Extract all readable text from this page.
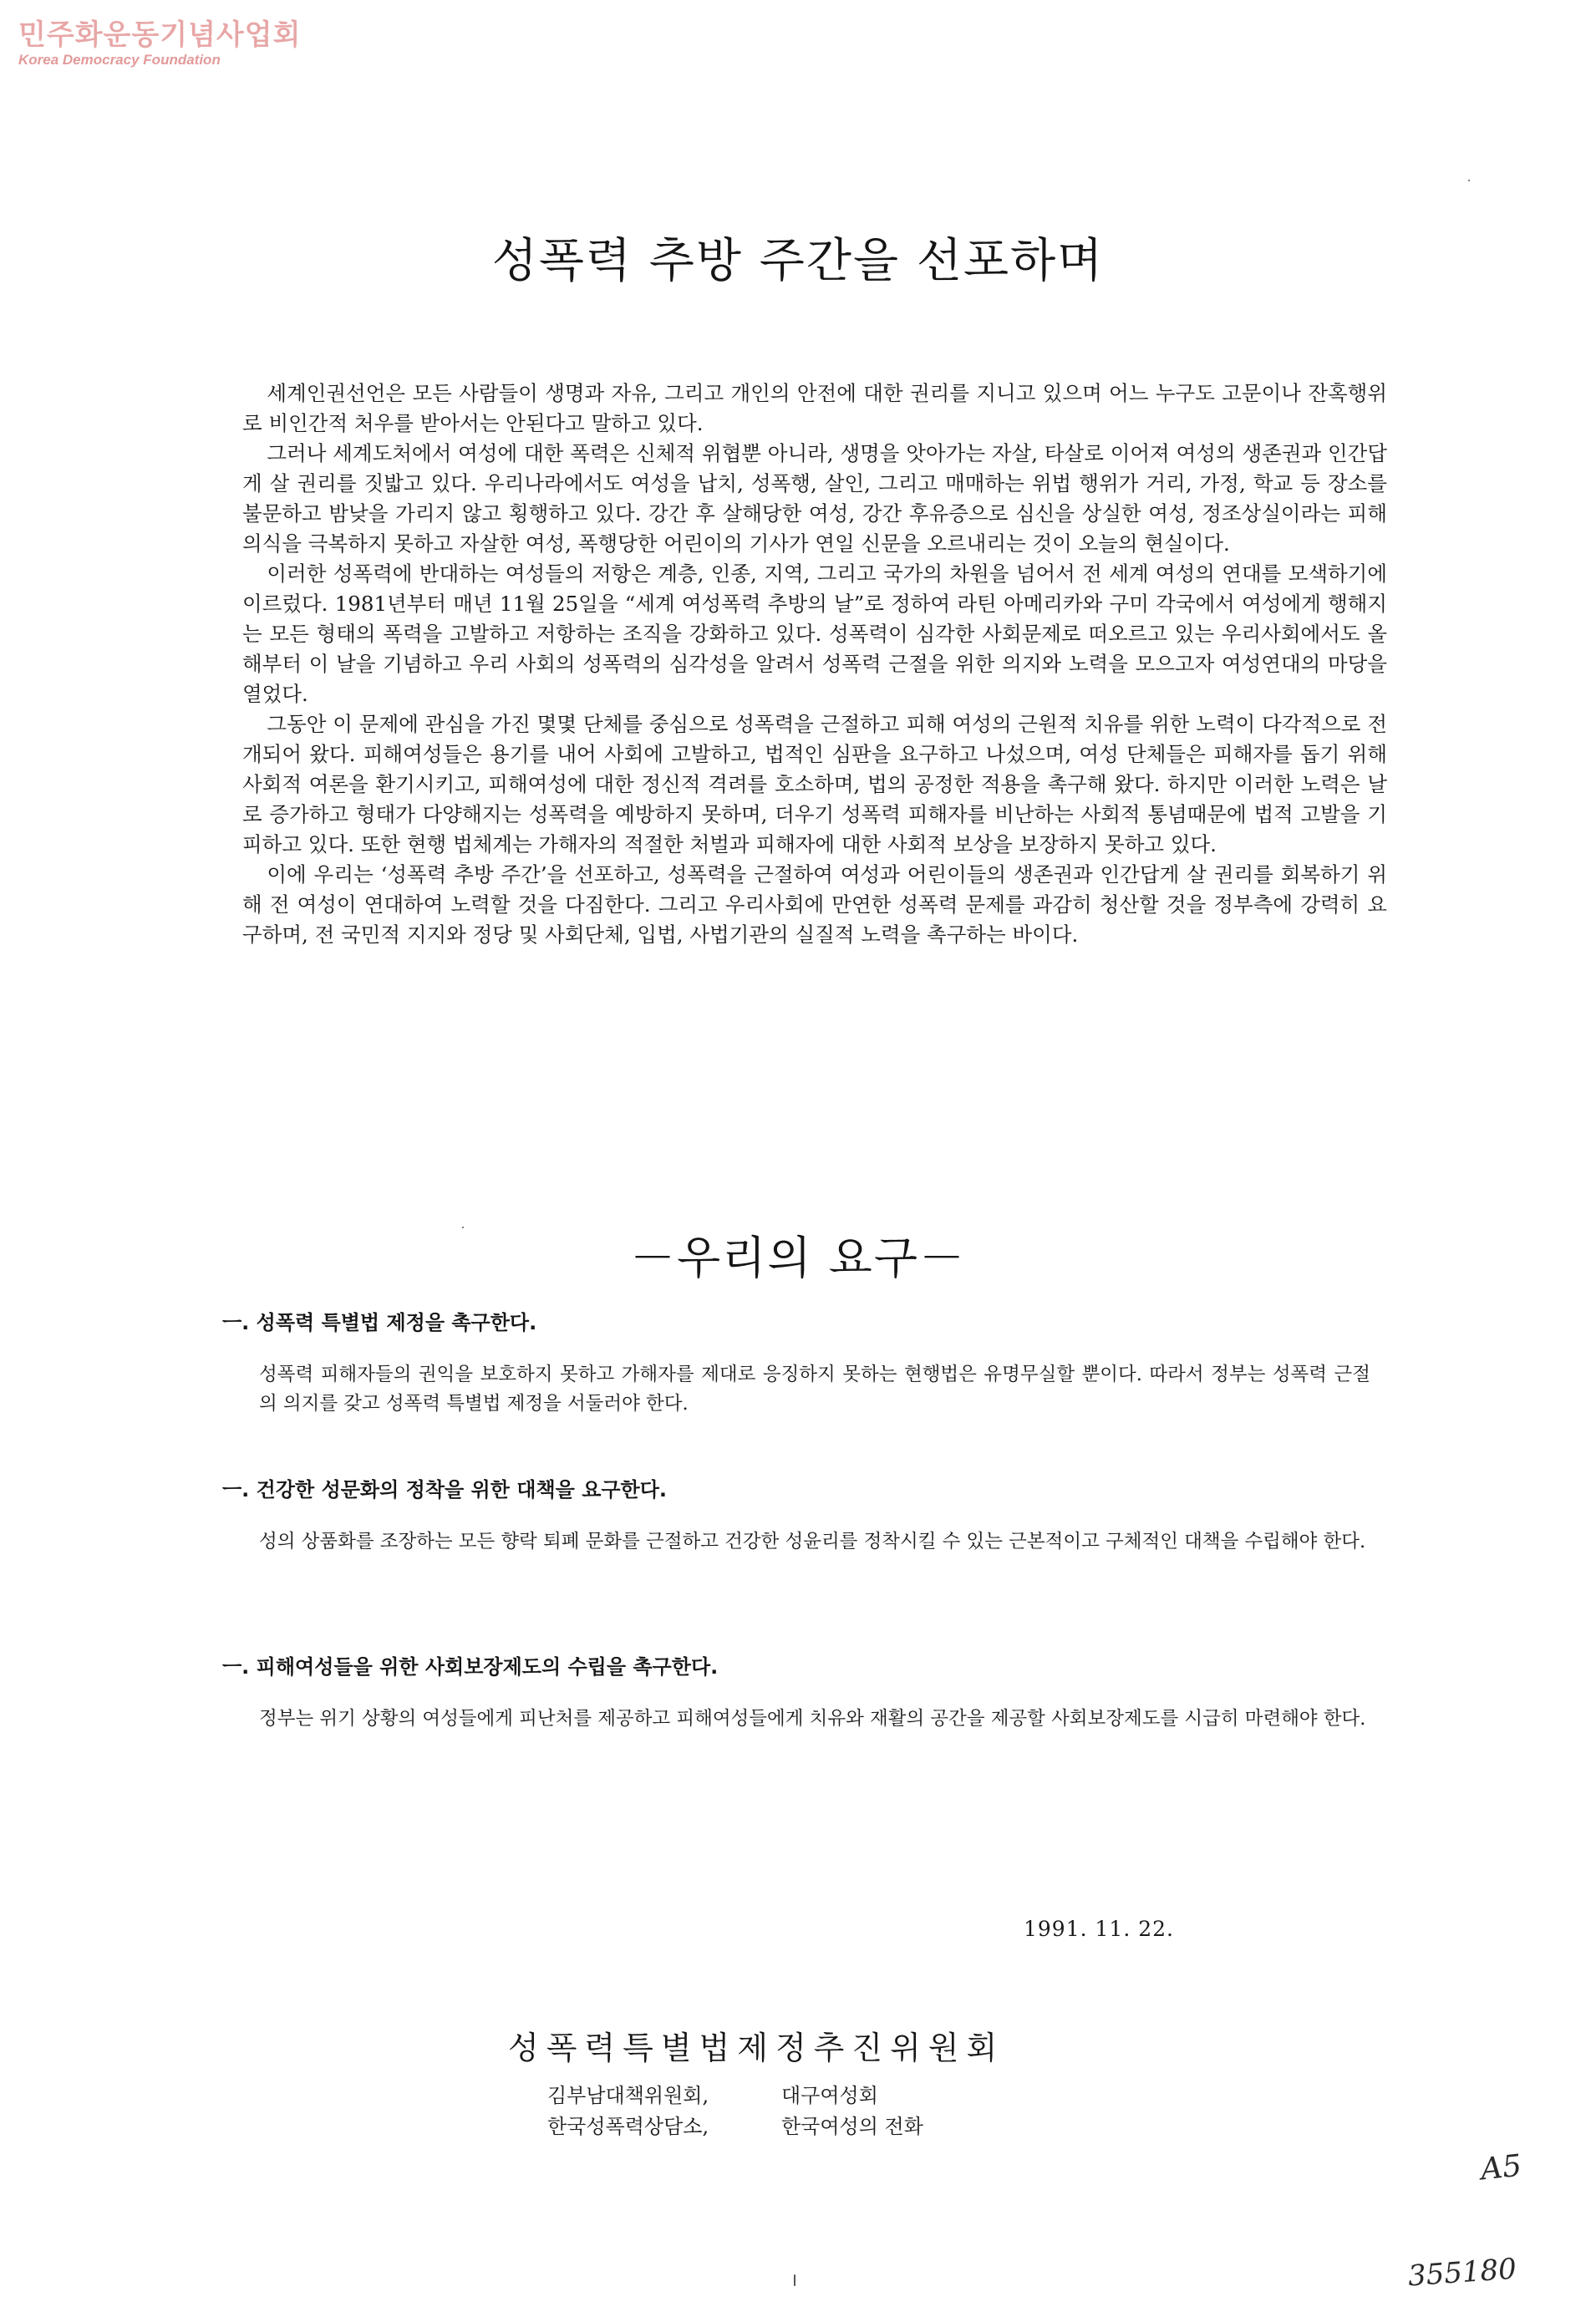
민주화운동기념사업회
Korea Democracy Foundation
성폭력 추방 주간을 선포하며

세계인권선언은 모든 사람들이 생명과 자유, 그리고 개인의 안전에 대한 권리를 지니고 있으며 어느 누구도 고문이나 잔혹행위로 비인간적 처우를 받아서는 안된다고 말하고 있다.

그러나 세계도처에서 여성에 대한 폭력은 신체적 위협뿐 아니라, 생명을 앗아가는 자살, 타살로 이어져 여성의 생존권과 인간답게 살 권리를 짓밟고 있다. 우리나라에서도 여성을 납치, 성폭행, 살인, 그리고 매매하는 위법 행위가 거리, 가정, 학교 등 장소를 불문하고 밤낮을 가리지 않고 횡행하고 있다. 강간 후 살해당한 여성, 강간 후유증으로 심신을 상실한 여성, 정조상실이라는 피해의식을 극복하지 못하고 자살한 여성, 폭행당한 어린이의 기사가 연일 신문을 오르내리는 것이 오늘의 현실이다.

이러한 성폭력에 반대하는 여성들의 저항은 계층, 인종, 지역, 그리고 국가의 차원을 넘어서 전 세계 여성의 연대를 모색하기에 이르렀다. 1981년부터 매년 11월 25일을 “세계 여성폭력 추방의 날”로 정하여 라틴 아메리카와 구미 각국에서 여성에게 행해지는 모든 형태의 폭력을 고발하고 저항하는 조직을 강화하고 있다. 성폭력이 심각한 사회문제로 떠오르고 있는 우리사회에서도 올해부터 이 날을 기념하고 우리 사회의 성폭력의 심각성을 알려서 성폭력 근절을 위한 의지와 노력을 모으고자 여성연대의 마당을 열었다.

그동안 이 문제에 관심을 가진 몇몇 단체를 중심으로 성폭력을 근절하고 피해 여성의 근원적 치유를 위한 노력이 다각적으로 전개되어 왔다. 피해여성들은 용기를 내어 사회에 고발하고, 법적인 심판을 요구하고 나섰으며, 여성 단체들은 피해자를 돕기 위해 사회적 여론을 환기시키고, 피해여성에 대한 정신적 격려를 호소하며, 법의 공정한 적용을 촉구해 왔다. 하지만 이러한 노력은 날로 증가하고 형태가 다양해지는 성폭력을 예방하지 못하며, 더우기 성폭력 피해자를 비난하는 사회적 통념때문에 법적 고발을 기피하고 있다. 또한 현행 법체계는 가해자의 적절한 처벌과 피해자에 대한 사회적 보상을 보장하지 못하고 있다.

이에 우리는 ‘성폭력 추방 주간’을 선포하고, 성폭력을 근절하여 여성과 어린이들의 생존권과 인간답게 살 권리를 회복하기 위해 전 여성이 연대하여 노력할 것을 다짐한다. 그리고 우리사회에 만연한 성폭력 문제를 과감히 청산할 것을 정부측에 강력히 요구하며, 전 국민적 지지와 정당 및 사회단체, 입법, 사법기관의 실질적 노력을 촉구하는 바이다.

－우리의 요구－
ㅡ. 성폭력 특별법 제정을 촉구한다.
성폭력 피해자들의 권익을 보호하지 못하고 가해자를 제대로 응징하지 못하는 현행법은 유명무실할 뿐이다. 따라서 정부는 성폭력 근절의 의지를 갖고 성폭력 특별법 제정을 서둘러야 한다.
ㅡ. 건강한 성문화의 정착을 위한 대책을 요구한다.
성의 상품화를 조장하는 모든 향락 퇴폐 문화를 근절하고 건강한 성윤리를 정착시킬 수 있는 근본적이고 구체적인 대책을 수립해야 한다.
ㅡ. 피해여성들을 위한 사회보장제도의 수립을 촉구한다.
정부는 위기 상황의 여성들에게 피난처를 제공하고 피해여성들에게 치유와 재활의 공간을 제공할 사회보장제도를 시급히 마련해야 한다.
1991. 11. 22.
성폭력특별법제정추진위원회
김부남대책위원회,	대구여성회
한국성폭력상담소,	한국여성의 전화
A5
355180
